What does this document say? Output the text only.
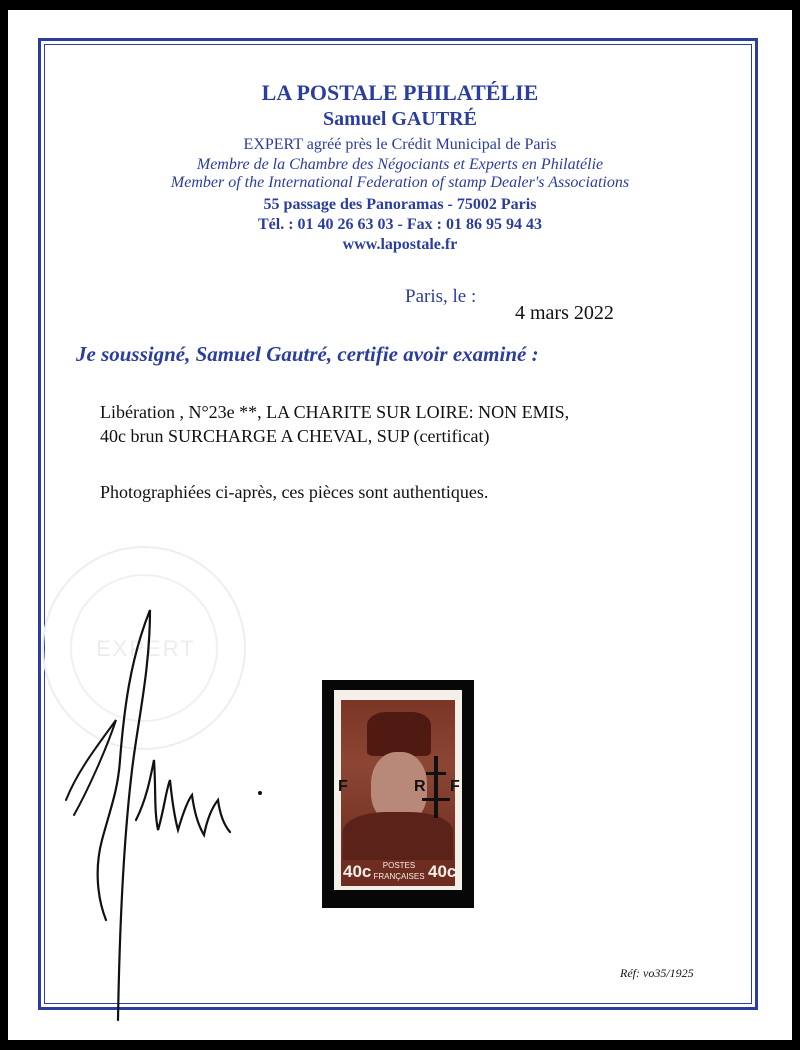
LA POSTALE PHILATÉLIE
Samuel GAUTRÉ
EXPERT agréé près le Crédit Municipal de Paris
Membre de la Chambre des Négociants et Experts en Philatélie
Member of the International Federation of stamp Dealer's Associations
55 passage des Panoramas - 75002 Paris
Tél. : 01 40 26 63 03 - Fax : 01 86 95 94 43
www.lapostale.fr
Paris, le :
4 mars 2022
Je soussigné, Samuel Gautré, certifie avoir examiné :
Libération , N°23e **, LA CHARITE SUR LOIRE: NON EMIS,
40c brun SURCHARGE A CHEVAL, SUP (certificat)
Photographiées ci-après, ces pièces sont authentiques.
EXPERT
40c	40c
POSTES
FRANÇAISES
F	R F
Réf: vo35/1925
